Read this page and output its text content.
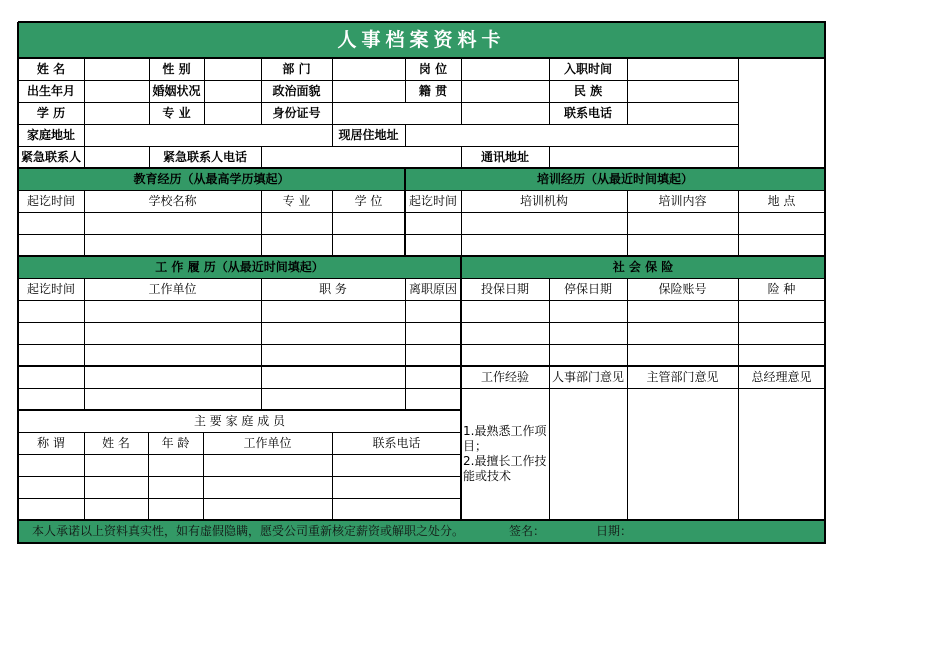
人事档案资料卡
姓 名	性 别	部 门	岗 位	入职时间
出生年月	婚姻状况	政治面貌	籍 贯	民 族
学 历	专 业	身份证号	联系电话
家庭地址	现居住地址
紧急联系人	紧急联系人电话	通讯地址
教育经历（从最高学历填起）
起讫时间	学校名称	专 业	学 位
培训经历（从最近时间填起）
起讫时间	培训机构	培训内容	地 点
工 作 履 历（从最近时间填起）
起讫时间	工作单位	职 务	离职原因
社 会 保 险
投保日期	停保日期	保险账号	险 种
工作经验	人事部门意见	主管部门意见	总经理意见
1.最熟悉工作项目；
2.最擅长工作技能或技术
主 要 家 庭 成 员
称 谓	姓 名	年 龄	工作单位	联系电话
本人承诺以上资料真实性，如有虚假隐瞒，愿受公司重新核定薪资或解职之处分。	签名：	日期：
